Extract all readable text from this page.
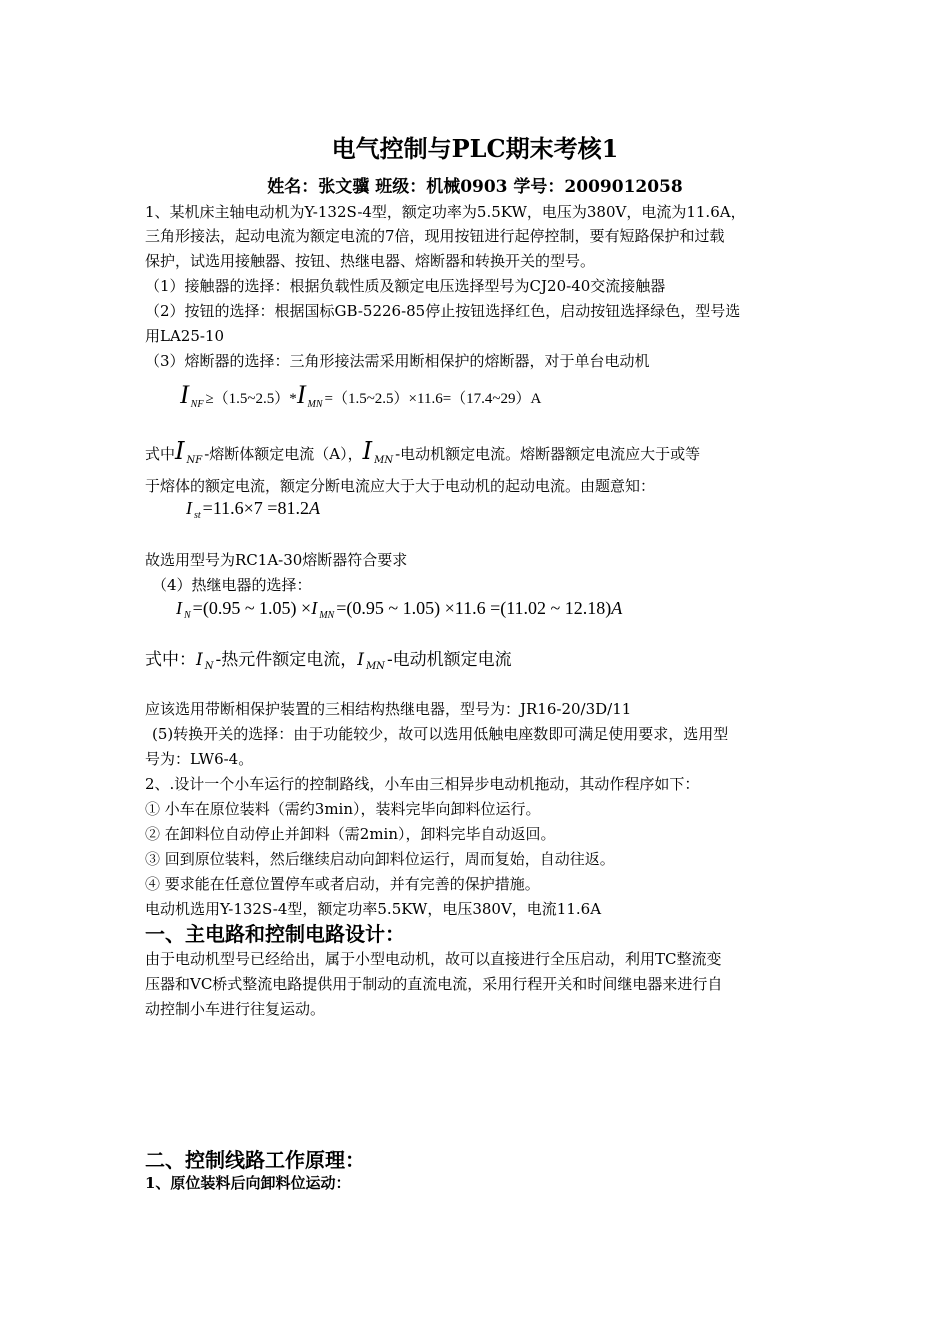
电气控制与PLC期末考核1
姓名：张文骥 班级：机械0903 学号：2009012058
1、某机床主轴电动机为Y-132S-4型，额定功率为5.5KW，电压为380V，电流为11.6A，
三角形接法，起动电流为额定电流的7倍，现用按钮进行起停控制，要有短路保护和过载
保护，试选用接触器、按钮、热继电器、熔断器和转换开关的型号。
（1）接触器的选择：根据负载性质及额定电压选择型号为CJ20-40交流接触器
（2）按钮的选择：根据国标GB-5226-85停止按钮选择红色，启动按钮选择绿色，型号选
用LA25-10
（3）熔断器的选择：三角形接法需采用断相保护的熔断器，对于单台电动机
I $_{NF}$ ≥（1.5~2.5）*I $_{MN}$ =（1.5~2.5）×11.6=（17.4~29）A
式中I $_{NF}$ -熔断体额定电流（A），I $_{MN}$ -电动机额定电流。熔断器额定电流应大于或等
于熔体的额定电流，额定分断电流应大于大于电动机的起动电流。由题意知：
I $_{st}$ =11.6×7 =81.2A
故选用型号为RC1A-30熔断器符合要求
（4）热继电器的选择：
I $_N$ =(0.95 ~ 1.05) ×I $_{MN}$ =(0.95 ~ 1.05) ×11.6 =(11.02 ~ 12.18)A
式中：I $_N$ -热元件额定电流，I $_{MN}$ -电动机额定电流
应该选用带断相保护装置的三相结构热继电器，型号为：JR16-20/3D/11
(5)转换开关的选择：由于功能较少，故可以选用低触电座数即可满足使用要求，选用型
号为：LW6-4。
2、.设计一个小车运行的控制路线，小车由三相异步电动机拖动，其动作程序如下：
① 小车在原位装料（需约3min），装料完毕向卸料位运行。
② 在卸料位自动停止并卸料（需2min），卸料完毕自动返回。
③ 回到原位装料，然后继续启动向卸料位运行，周而复始，自动往返。
④ 要求能在任意位置停车或者启动，并有完善的保护措施。
电动机选用Y-132S-4型，额定功率5.5KW，电压380V，电流11.6A
一、主电路和控制电路设计：
由于电动机型号已经给出，属于小型电动机，故可以直接进行全压启动，利用TC整流变
压器和VC桥式整流电路提供用于制动的直流电流，采用行程开关和时间继电器来进行自
动控制小车进行往复运动。
二、控制线路工作原理：
1、原位装料后向卸料位运动：
